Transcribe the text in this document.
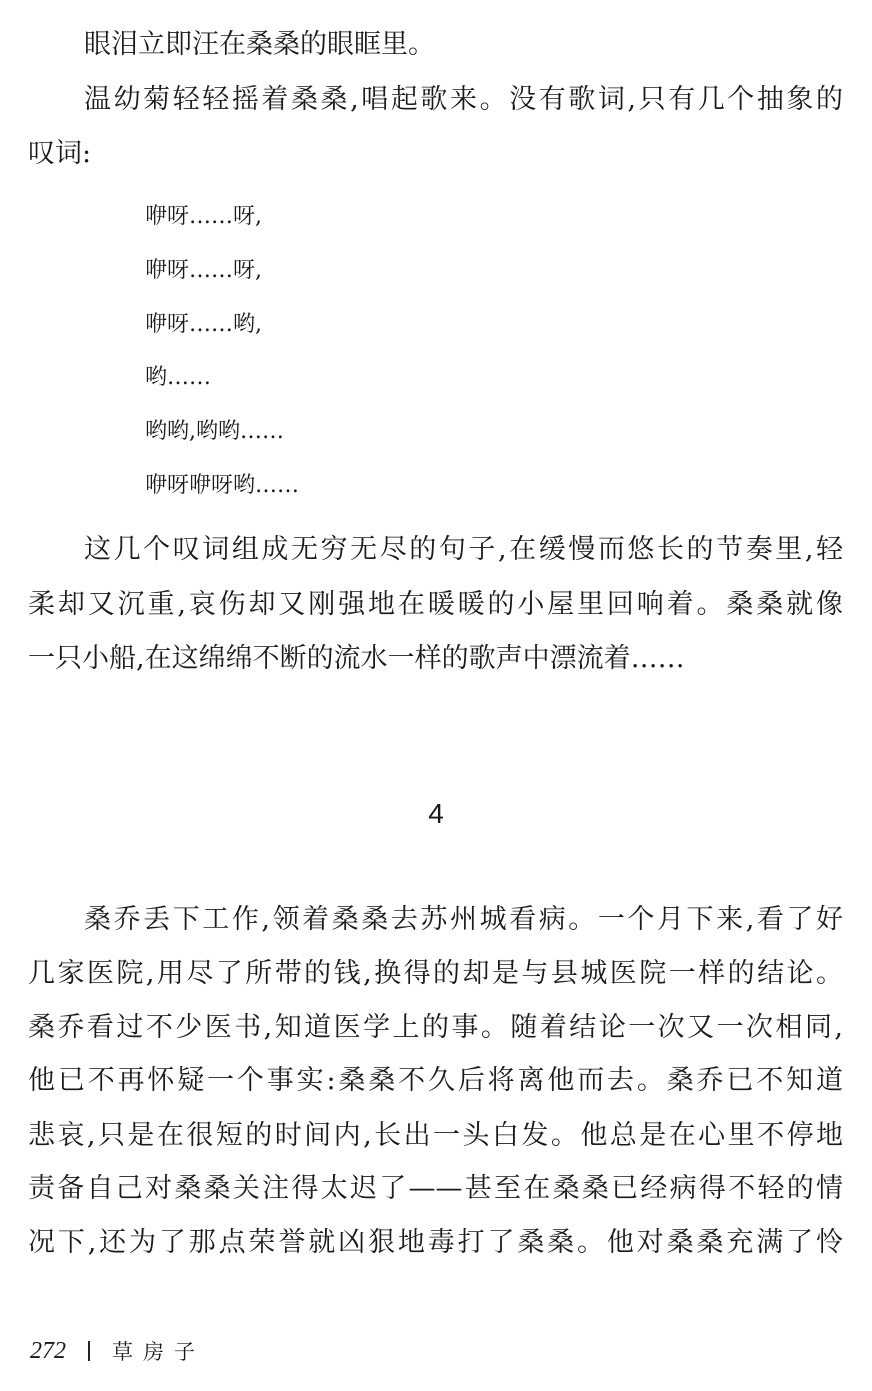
眼泪立即汪在桑桑的眼眶里。
温幼菊轻轻摇着桑桑,唱起歌来。没有歌词,只有几个抽象的
叹词:
咿呀……呀,
咿呀……呀,
咿呀……哟,
哟……
哟哟,哟哟……
咿呀咿呀哟……
这几个叹词组成无穷无尽的句子,在缓慢而悠长的节奏里,轻
柔却又沉重,哀伤却又刚强地在暖暖的小屋里回响着。桑桑就像
一只小船,在这绵绵不断的流水一样的歌声中漂流着……
4
桑乔丢下工作,领着桑桑去苏州城看病。一个月下来,看了好
几家医院,用尽了所带的钱,换得的却是与县城医院一样的结论。
桑乔看过不少医书,知道医学上的事。随着结论一次又一次相同,
他已不再怀疑一个事实:桑桑不久后将离他而去。桑乔已不知道
悲哀,只是在很短的时间内,长出一头白发。他总是在心里不停地
责备自己对桑桑关注得太迟了——甚至在桑桑已经病得不轻的情
况下,还为了那点荣誉就凶狠地毒打了桑桑。他对桑桑充满了怜
272 草房子
